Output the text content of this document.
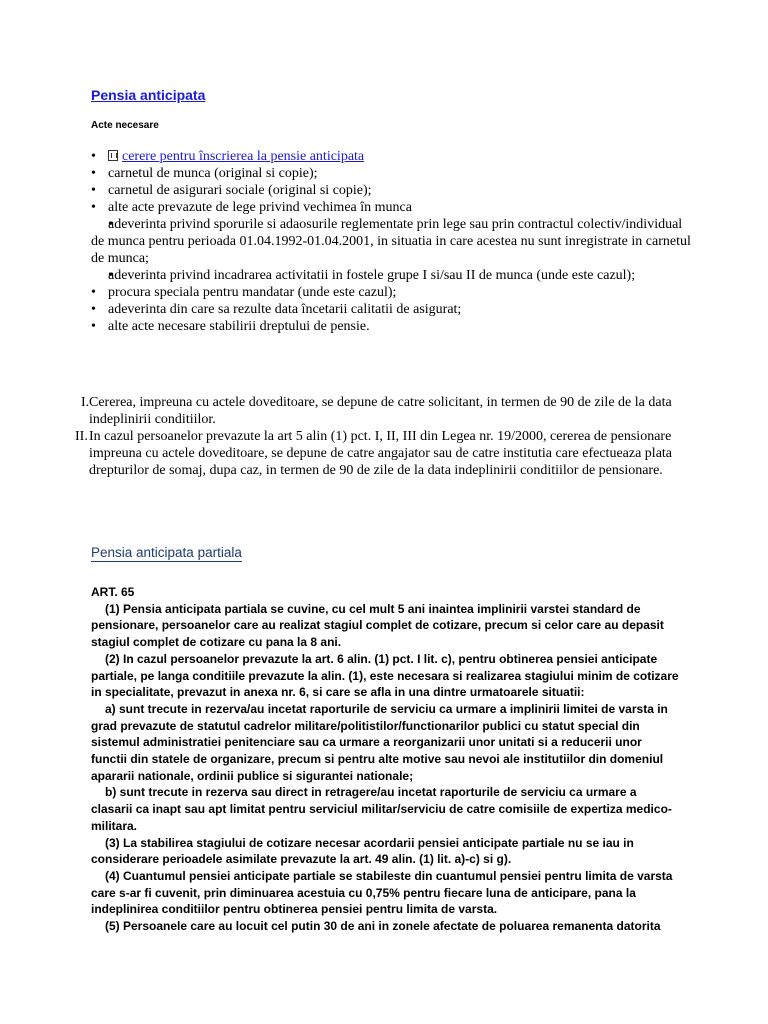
Pensia anticipata
Acte necesare
• cerere pentru înscrierea la pensie anticipata
• carnetul de munca (original si copie);
• carnetul de asigurari sociale (original si copie);
• alte acte prevazute de lege privind vechimea în munca
• adeverinta privind sporurile si adaosurile reglementate prin lege sau prin contractul colectiv/individual de munca pentru perioada 01.04.1992-01.04.2001, in situatia in care acestea nu sunt inregistrate in carnetul de munca;
• adeverinta privind incadrarea activitatii in fostele grupe I si/sau II de munca (unde este cazul);
• procura speciala pentru mandatar (unde este cazul);
• adeverinta din care sa rezulte data încetarii calitatii de asigurat;
• alte acte necesare stabilirii dreptului de pensie.
I. Cererea, impreuna cu actele doveditoare, se depune de catre solicitant, in termen de 90 de zile de la data indeplinirii conditiilor.
II. In cazul persoanelor prevazute la art 5 alin (1) pct. I, II, III din Legea nr. 19/2000, cererea de pensionare impreuna cu actele doveditoare, se depune de catre angajator sau de catre institutia care efectueaza plata drepturilor de somaj, dupa caz, in termen de 90 de zile de la data indeplinirii conditiilor de pensionare.
Pensia anticipata partiala

ART. 65

(1) Pensia anticipata partiala se cuvine, cu cel mult 5 ani inaintea implinirii varstei standard de pensionare, persoanelor care au realizat stagiul complet de cotizare, precum si celor care au depasit stagiul complet de cotizare cu pana la 8 ani.

(2) In cazul persoanelor prevazute la art. 6 alin. (1) pct. I lit. c), pentru obtinerea pensiei anticipate partiale, pe langa conditiile prevazute la alin. (1), este necesara si realizarea stagiului minim de cotizare in specialitate, prevazut in anexa nr. 6, si care se afla in una dintre urmatoarele situatii:

a) sunt trecute in rezerva/au incetat raporturile de serviciu ca urmare a implinirii limitei de varsta in grad prevazute de statutul cadrelor militare/politistilor/functionarilor publici cu statut special din sistemul administratiei penitenciare sau ca urmare a reorganizarii unor unitati si a reducerii unor functii din statele de organizare, precum si pentru alte motive sau nevoi ale institutiilor din domeniul apararii nationale, ordinii publice si sigurantei nationale;

b) sunt trecute in rezerva sau direct in retragere/au incetat raporturile de serviciu ca urmare a clasarii ca inapt sau apt limitat pentru serviciul militar/serviciu de catre comisiile de expertiza medico-militara.

(3) La stabilirea stagiului de cotizare necesar acordarii pensiei anticipate partiale nu se iau in considerare perioadele asimilate prevazute la art. 49 alin. (1) lit. a)-c) si g).

(4) Cuantumul pensiei anticipate partiale se stabileste din cuantumul pensiei pentru limita de varsta care s-ar fi cuvenit, prin diminuarea acestuia cu 0,75% pentru fiecare luna de anticipare, pana la indeplinirea conditiilor pentru obtinerea pensiei pentru limita de varsta.

(5) Persoanele care au locuit cel putin 30 de ani in zonele afectate de poluarea remanenta datorita
